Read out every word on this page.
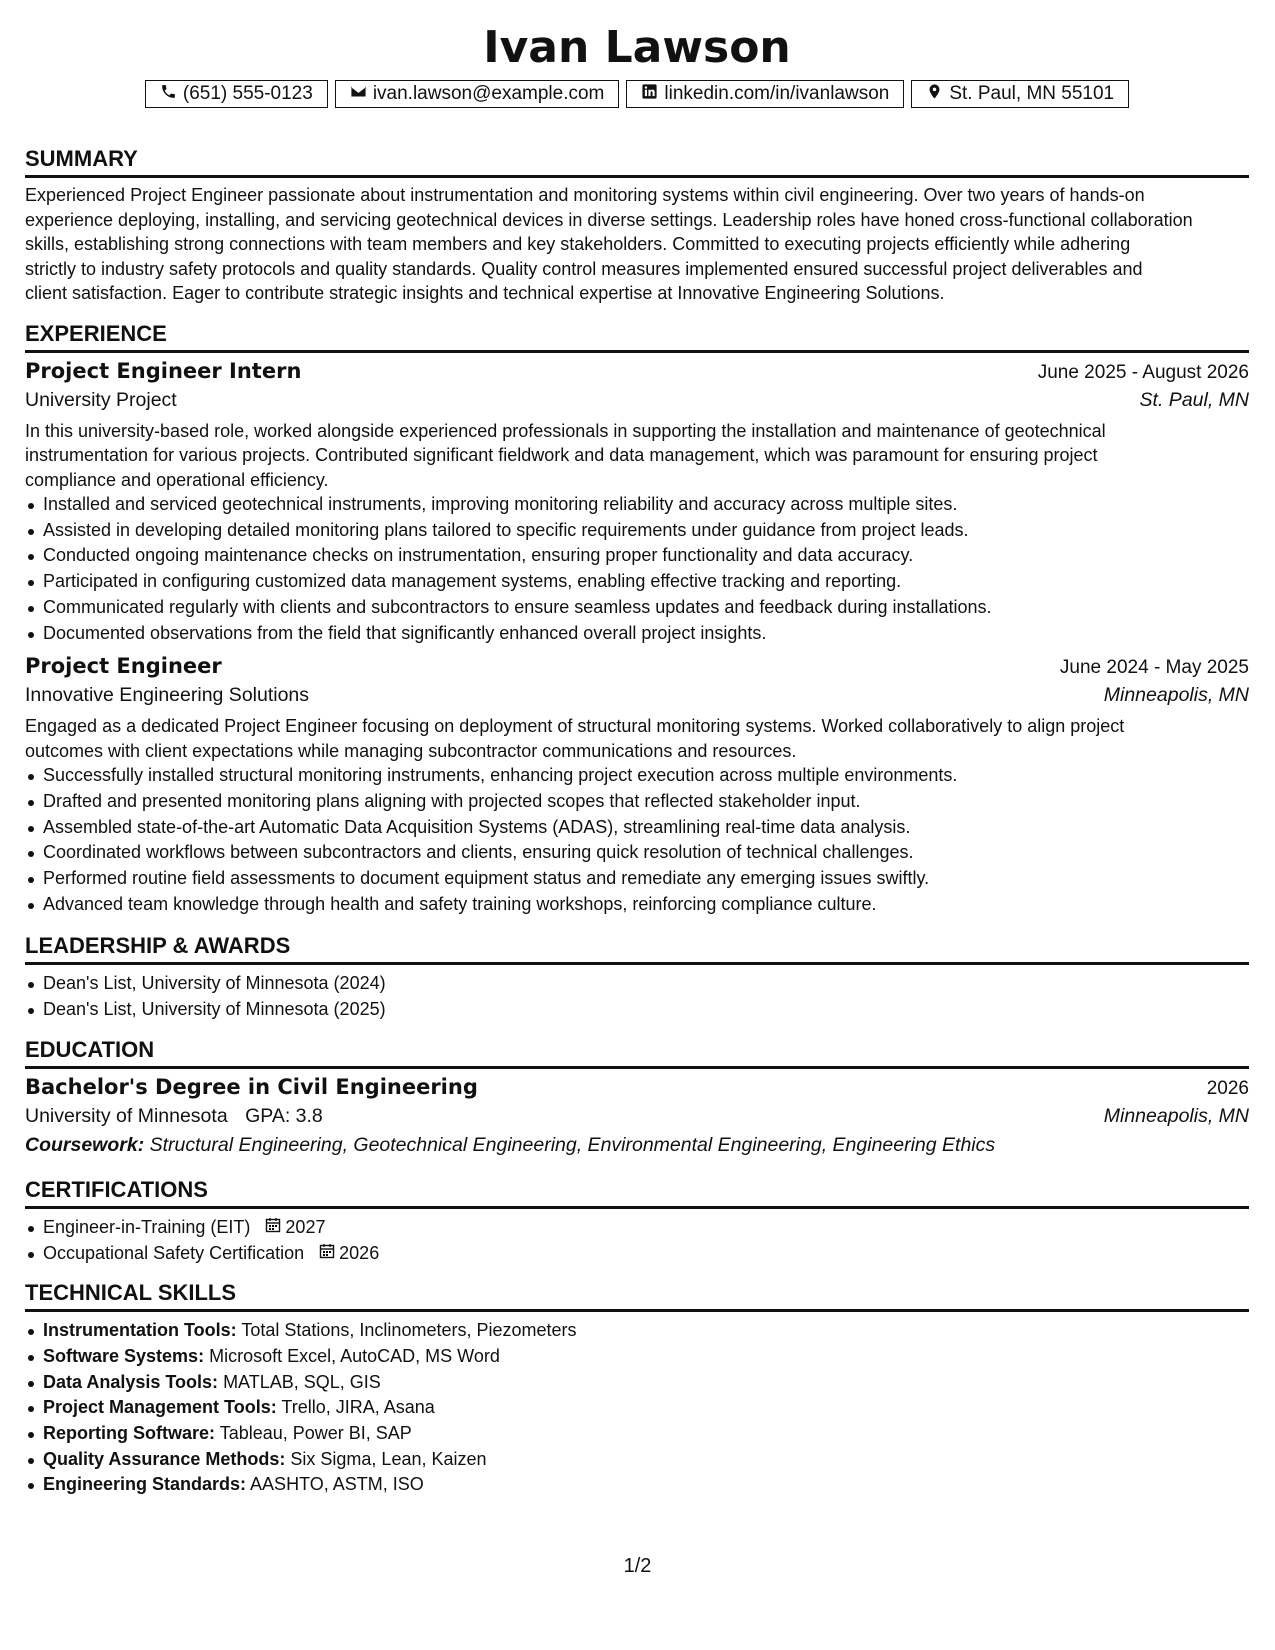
Ivan Lawson
(651) 555-0123	ivan.lawson@example.com	linkedin.com/in/ivanlawson	St. Paul, MN 55101
SUMMARY
Experienced Project Engineer passionate about instrumentation and monitoring systems within civil engineering. Over two years of hands-on
experience deploying, installing, and servicing geotechnical devices in diverse settings. Leadership roles have honed cross-functional collaboration
skills, establishing strong connections with team members and key stakeholders. Committed to executing projects efficiently while adhering
strictly to industry safety protocols and quality standards. Quality control measures implemented ensured successful project deliverables and
client satisfaction. Eager to contribute strategic insights and technical expertise at Innovative Engineering Solutions.
EXPERIENCE
Project Engineer Intern	June 2025 - August 2026
University Project	St. Paul, MN
In this university-based role, worked alongside experienced professionals in supporting the installation and maintenance of geotechnical
instrumentation for various projects. Contributed significant fieldwork and data management, which was paramount for ensuring project
compliance and operational efficiency.
Installed and serviced geotechnical instruments, improving monitoring reliability and accuracy across multiple sites.
Assisted in developing detailed monitoring plans tailored to specific requirements under guidance from project leads.
Conducted ongoing maintenance checks on instrumentation, ensuring proper functionality and data accuracy.
Participated in configuring customized data management systems, enabling effective tracking and reporting.
Communicated regularly with clients and subcontractors to ensure seamless updates and feedback during installations.
Documented observations from the field that significantly enhanced overall project insights.
Project Engineer	June 2024 - May 2025
Innovative Engineering Solutions	Minneapolis, MN
Engaged as a dedicated Project Engineer focusing on deployment of structural monitoring systems. Worked collaboratively to align project
outcomes with client expectations while managing subcontractor communications and resources.
Successfully installed structural monitoring instruments, enhancing project execution across multiple environments.
Drafted and presented monitoring plans aligning with projected scopes that reflected stakeholder input.
Assembled state-of-the-art Automatic Data Acquisition Systems (ADAS), streamlining real-time data analysis.
Coordinated workflows between subcontractors and clients, ensuring quick resolution of technical challenges.
Performed routine field assessments to document equipment status and remediate any emerging issues swiftly.
Advanced team knowledge through health and safety training workshops, reinforcing compliance culture.
LEADERSHIP & AWARDS
Dean's List, University of Minnesota (2024)
Dean's List, University of Minnesota (2025)
EDUCATION
Bachelor's Degree in Civil Engineering	2026
University of Minnesota GPA: 3.8	Minneapolis, MN
Coursework: Structural Engineering, Geotechnical Engineering, Environmental Engineering, Engineering Ethics
CERTIFICATIONS
Engineer-in-Training (EIT) 2027
Occupational Safety Certification 2026
TECHNICAL SKILLS
Instrumentation Tools: Total Stations, Inclinometers, Piezometers
Software Systems: Microsoft Excel, AutoCAD, MS Word
Data Analysis Tools: MATLAB, SQL, GIS
Project Management Tools: Trello, JIRA, Asana
Reporting Software: Tableau, Power BI, SAP
Quality Assurance Methods: Six Sigma, Lean, Kaizen
Engineering Standards: AASHTO, ASTM, ISO
1/2
